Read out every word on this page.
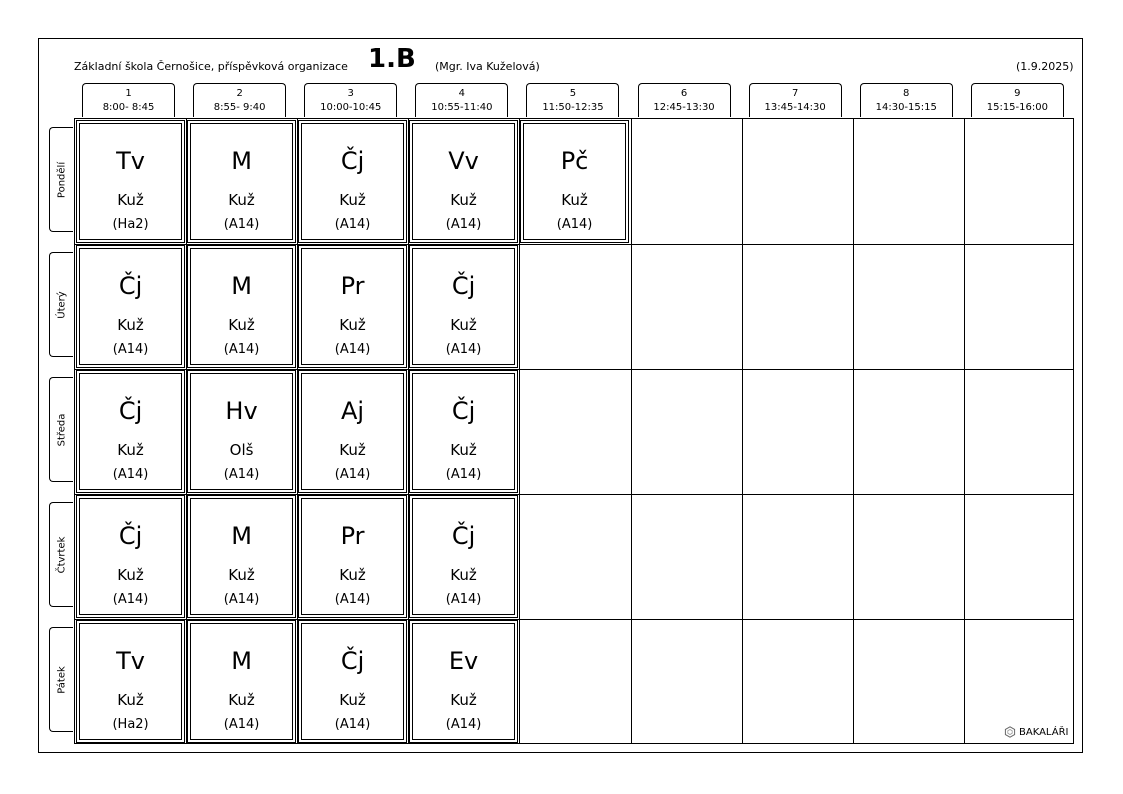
Základní škola Černošice, příspěvková organizace 1.B (Mgr. Iva Kuželová)	(1.9.2025)
1
8:00- 8:45
2
8:55- 9:40
3
10:00-10:45
4
10:55-11:40
5
11:50-12:35
6
12:45-13:30
7
13:45-14:30
8
14:30-15:15
9
15:15-16:00
Pondělí
Úterý
Středa
Čtvrtek
Pátek
Tv
Kuž
(Ha2)
M
Kuž
(A14)
Čj
Kuž
(A14)
Vv
Kuž
(A14)
Pč
Kuž
(A14)
Čj
Kuž
(A14)
M
Kuž
(A14)
Pr
Kuž
(A14)
Čj
Kuž
(A14)
Čj
Kuž
(A14)
Hv
Olš
(A14)
Aj
Kuž
(A14)
Čj
Kuž
(A14)
Čj
Kuž
(A14)
M
Kuž
(A14)
Pr
Kuž
(A14)
Čj
Kuž
(A14)
Tv
Kuž
(Ha2)
M
Kuž
(A14)
Čj
Kuž
(A14)
Ev
Kuž
(A14)	BAKALÁŘI
